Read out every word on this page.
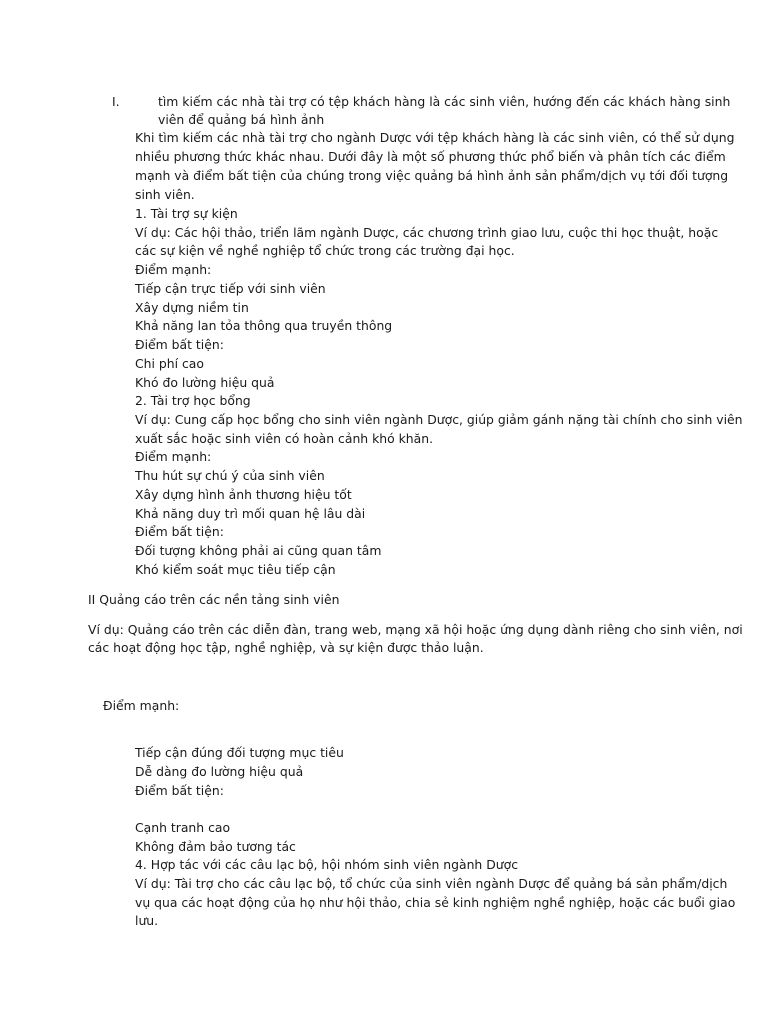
I.	tìm kiếm các nhà tài trợ có tệp khách hàng là các sinh viên, hướng đến các khách hàng sinh
viên để quảng bá hình ảnh
Khi tìm kiếm các nhà tài trợ cho ngành Dược với tệp khách hàng là các sinh viên, có thể sử dụng
nhiều phương thức khác nhau. Dưới đây là một số phương thức phổ biến và phân tích các điểm
mạnh và điểm bất tiện của chúng trong việc quảng bá hình ảnh sản phẩm/dịch vụ tới đối tượng
sinh viên.
1. Tài trợ sự kiện
Ví dụ: Các hội thảo, triển lãm ngành Dược, các chương trình giao lưu, cuộc thi học thuật, hoặc
các sự kiện về nghề nghiệp tổ chức trong các trường đại học.
Điểm mạnh:
Tiếp cận trực tiếp với sinh viên
Xây dựng niềm tin
Khả năng lan tỏa thông qua truyền thông
Điểm bất tiện:
Chi phí cao
Khó đo lường hiệu quả
2. Tài trợ học bổng
Ví dụ: Cung cấp học bổng cho sinh viên ngành Dược, giúp giảm gánh nặng tài chính cho sinh viên
xuất sắc hoặc sinh viên có hoàn cảnh khó khăn.
Điểm mạnh:
Thu hút sự chú ý của sinh viên
Xây dựng hình ảnh thương hiệu tốt
Khả năng duy trì mối quan hệ lâu dài
Điểm bất tiện:
Đối tượng không phải ai cũng quan tâm
Khó kiểm soát mục tiêu tiếp cận
II Quảng cáo trên các nền tảng sinh viên
Ví dụ: Quảng cáo trên các diễn đàn, trang web, mạng xã hội hoặc ứng dụng dành riêng cho sinh viên, nơi
các hoạt động học tập, nghề nghiệp, và sự kiện được thảo luận.
Điểm mạnh:
Tiếp cận đúng đối tượng mục tiêu
Dễ dàng đo lường hiệu quả
Điểm bất tiện:
Cạnh tranh cao
Không đảm bảo tương tác
4. Hợp tác với các câu lạc bộ, hội nhóm sinh viên ngành Dược
Ví dụ: Tài trợ cho các câu lạc bộ, tổ chức của sinh viên ngành Dược để quảng bá sản phẩm/dịch
vụ qua các hoạt động của họ như hội thảo, chia sẻ kinh nghiệm nghề nghiệp, hoặc các buổi giao
lưu.
